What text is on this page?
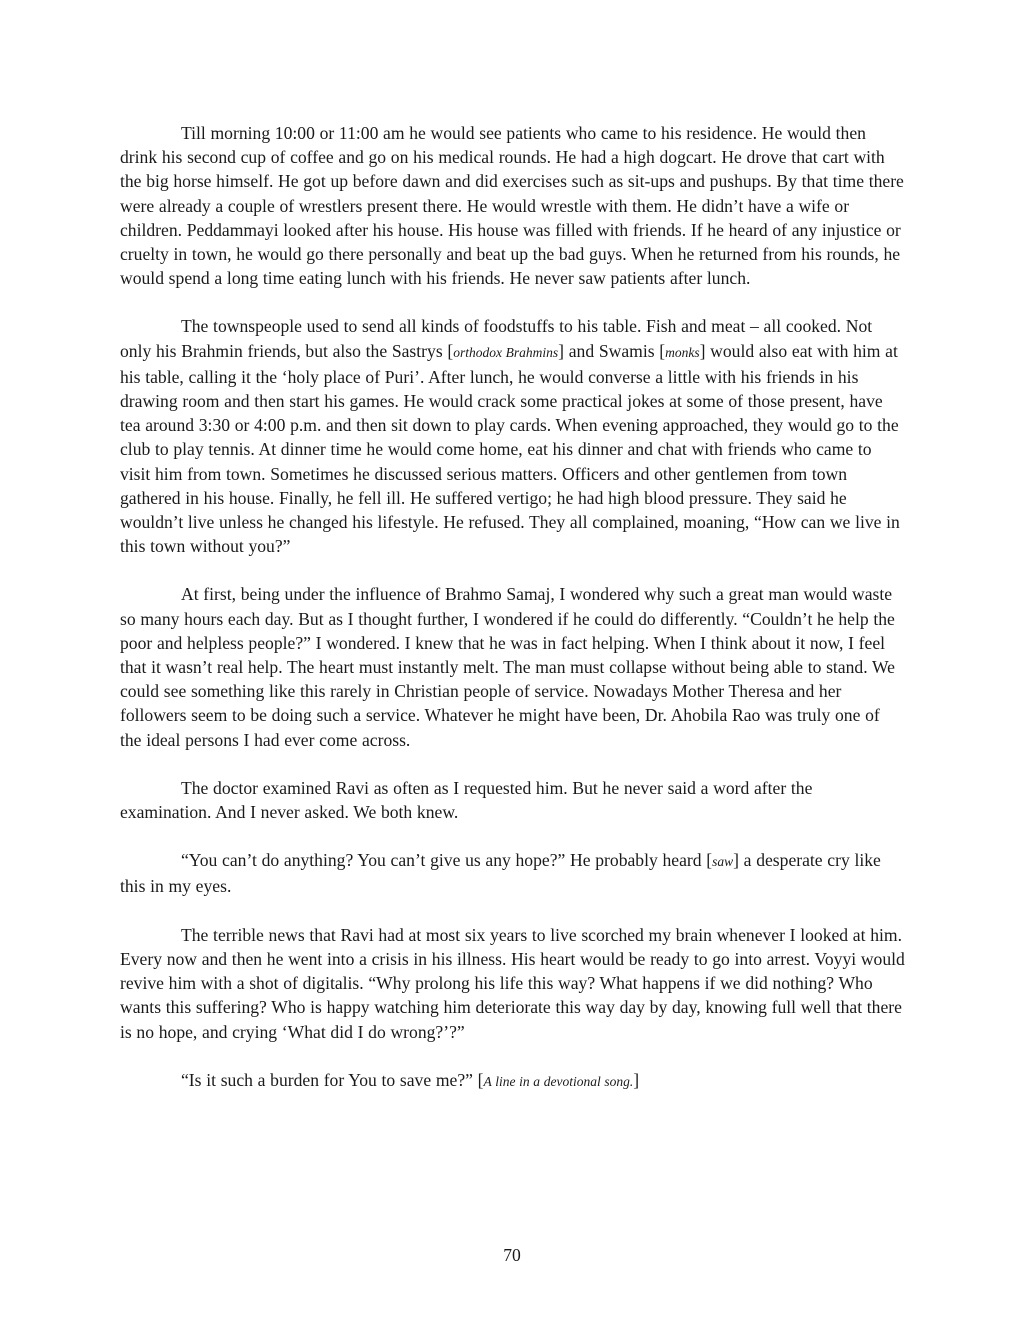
Till morning 10:00 or 11:00 am he would see patients who came to his residence. He would then drink his second cup of coffee and go on his medical rounds. He had a high dogcart. He drove that cart with the big horse himself. He got up before dawn and did exercises such as sit-ups and pushups. By that time there were already a couple of wrestlers present there. He would wrestle with them. He didn’t have a wife or children. Peddammayi looked after his house. His house was filled with friends. If he heard of any injustice or cruelty in town, he would go there personally and beat up the bad guys. When he returned from his rounds, he would spend a long time eating lunch with his friends. He never saw patients after lunch.

The townspeople used to send all kinds of foodstuffs to his table. Fish and meat – all cooked. Not only his Brahmin friends, but also the Sastrys [orthodox Brahmins] and Swamis [monks] would also eat with him at his table, calling it the ‘holy place of Puri’. After lunch, he would converse a little with his friends in his drawing room and then start his games. He would crack some practical jokes at some of those present, have tea around 3:30 or 4:00 p.m. and then sit down to play cards. When evening approached, they would go to the club to play tennis. At dinner time he would come home, eat his dinner and chat with friends who came to visit him from town. Sometimes he discussed serious matters. Officers and other gentlemen from town gathered in his house. Finally, he fell ill. He suffered vertigo; he had high blood pressure. They said he wouldn’t live unless he changed his lifestyle. He refused. They all complained, moaning, “How can we live in this town without you?”

At first, being under the influence of Brahmo Samaj, I wondered why such a great man would waste so many hours each day. But as I thought further, I wondered if he could do differently. “Couldn’t he help the poor and helpless people?” I wondered. I knew that he was in fact helping. When I think about it now, I feel that it wasn’t real help. The heart must instantly melt. The man must collapse without being able to stand. We could see something like this rarely in Christian people of service. Nowadays Mother Theresa and her followers seem to be doing such a service. Whatever he might have been, Dr. Ahobila Rao was truly one of the ideal persons I had ever come across.

The doctor examined Ravi as often as I requested him. But he never said a word after the examination. And I never asked. We both knew.

“You can’t do anything? You can’t give us any hope?” He probably heard [saw] a desperate cry like this in my eyes.

The terrible news that Ravi had at most six years to live scorched my brain whenever I looked at him. Every now and then he went into a crisis in his illness. His heart would be ready to go into arrest. Voyyi would revive him with a shot of digitalis. “Why prolong his life this way? What happens if we did nothing? Who wants this suffering? Who is happy watching him deteriorate this way day by day, knowing full well that there is no hope, and crying ‘What did I do wrong?’?”

“Is it such a burden for You to save me?” [A line in a devotional song.]

70
